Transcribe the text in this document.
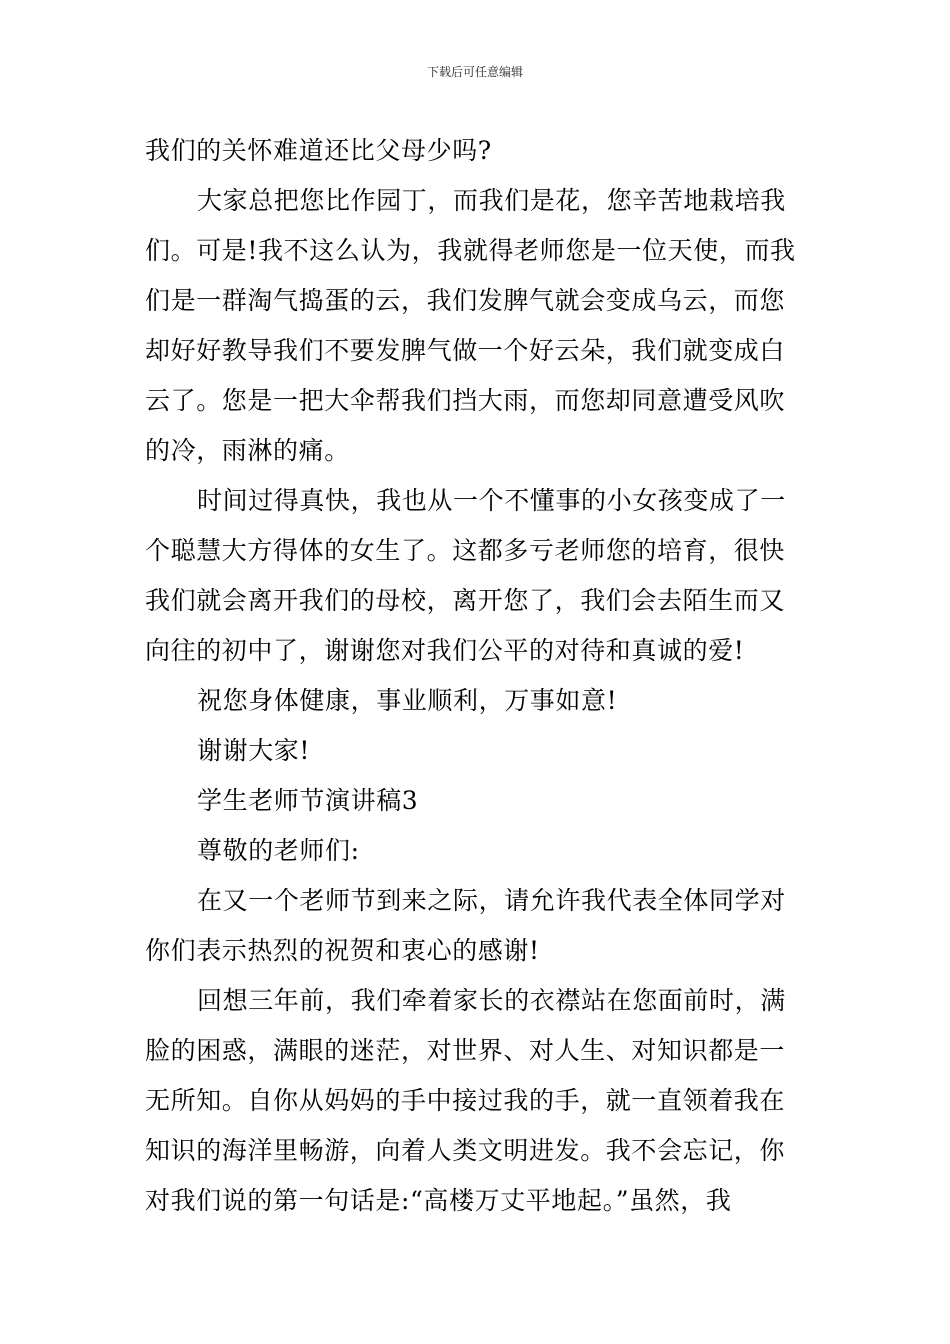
下载后可任意编辑
我们的关怀难道还比父母少吗?
大家总把您比作园丁，而我们是花，您辛苦地栽培我
们。可是!我不这么认为，我就得老师您是一位天使，而我
们是一群淘气捣蛋的云，我们发脾气就会变成乌云，而您
却好好教导我们不要发脾气做一个好云朵，我们就变成白
云了。您是一把大伞帮我们挡大雨，而您却同意遭受风吹
的冷，雨淋的痛。
时间过得真快，我也从一个不懂事的小女孩变成了一
个聪慧大方得体的女生了。这都多亏老师您的培育，很快
我们就会离开我们的母校，离开您了，我们会去陌生而又
向往的初中了，谢谢您对我们公平的对待和真诚的爱!
祝您身体健康，事业顺利，万事如意!
谢谢大家!
学生老师节演讲稿3
尊敬的老师们:
在又一个老师节到来之际，请允许我代表全体同学对
你们表示热烈的祝贺和衷心的感谢!
回想三年前，我们牵着家长的衣襟站在您面前时，满
脸的困惑，满眼的迷茫，对世界、对人生、对知识都是一
无所知。自你从妈妈的手中接过我的手，就一直领着我在
知识的海洋里畅游，向着人类文明进发。我不会忘记，你
对我们说的第一句话是:“高楼万丈平地起。”虽然，我
